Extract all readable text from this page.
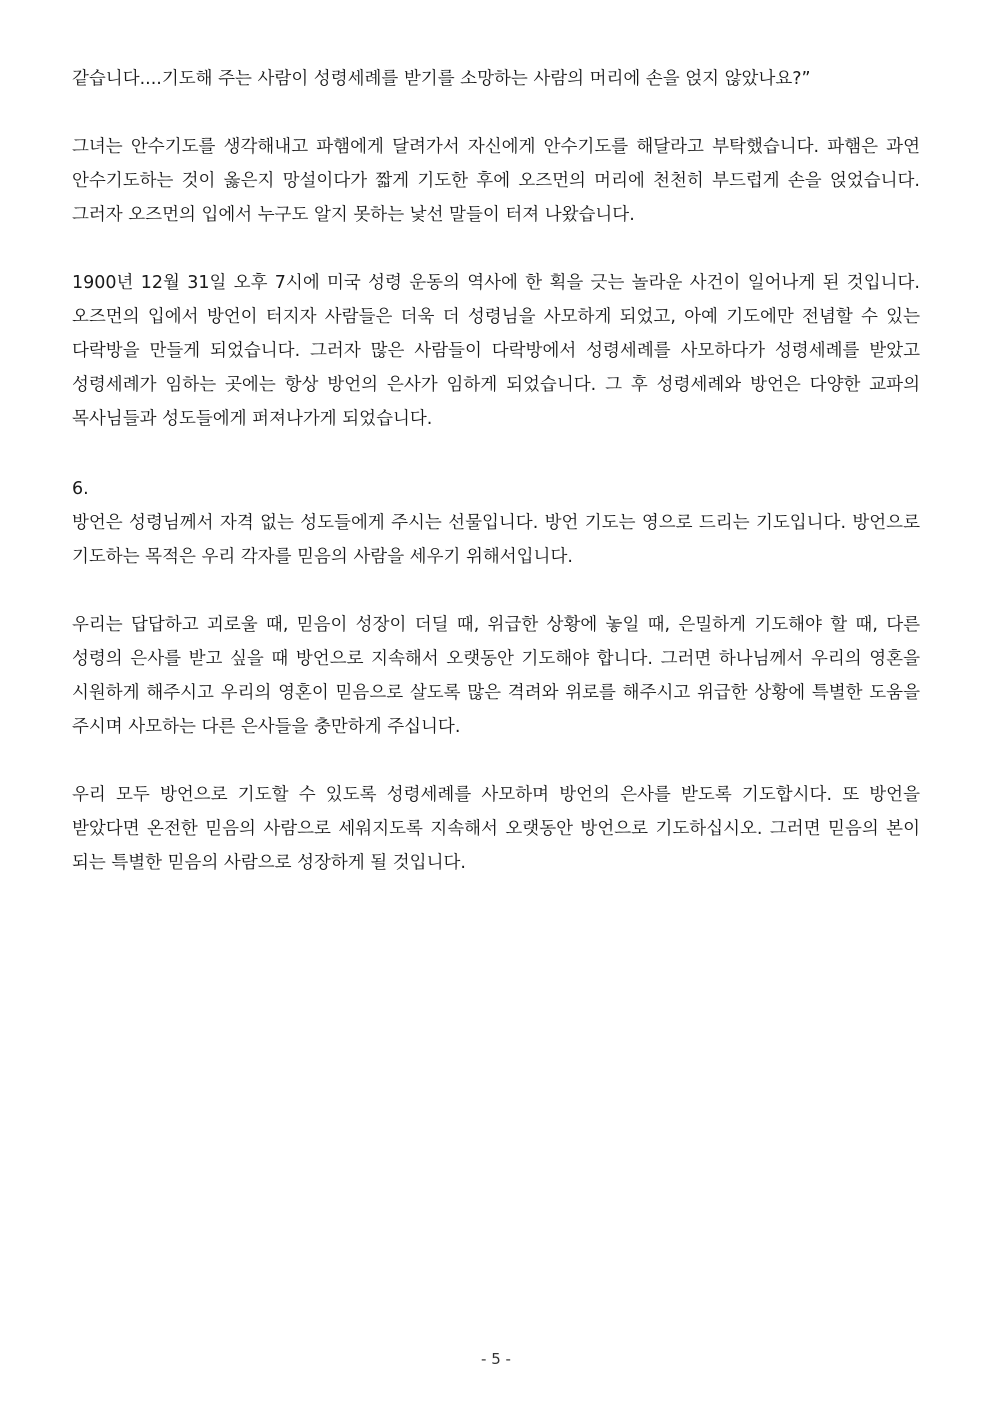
같습니다....기도해 주는 사람이 성령세례를 받기를 소망하는 사람의 머리에 손을 얹지 않았나요?”

그녀는 안수기도를 생각해내고 파햄에게 달려가서 자신에게 안수기도를 해달라고 부탁했습니다. 파햄은 과연 안수기도하는 것이 옳은지 망설이다가 짧게 기도한 후에 오즈먼의 머리에 천천히 부드럽게 손을 얹었습니다. 그러자 오즈먼의 입에서 누구도 알지 못하는 낯선 말들이 터져 나왔습니다.

1900년 12월 31일 오후 7시에 미국 성령 운동의 역사에 한 획을 긋는 놀라운 사건이 일어나게 된 것입니다. 오즈먼의 입에서 방언이 터지자 사람들은 더욱 더 성령님을 사모하게 되었고, 아예 기도에만 전념할 수 있는 다락방을 만들게 되었습니다. 그러자 많은 사람들이 다락방에서 성령세례를 사모하다가 성령세례를 받았고 성령세례가 임하는 곳에는 항상 방언의 은사가 임하게 되었습니다. 그 후 성령세례와 방언은 다양한 교파의 목사님들과 성도들에게 퍼져나가게 되었습니다.

6.

방언은 성령님께서 자격 없는 성도들에게 주시는 선물입니다. 방언 기도는 영으로 드리는 기도입니다. 방언으로 기도하는 목적은 우리 각자를 믿음의 사람을 세우기 위해서입니다.

우리는 답답하고 괴로울 때, 믿음이 성장이 더딜 때, 위급한 상황에 놓일 때, 은밀하게 기도해야 할 때, 다른 성령의 은사를 받고 싶을 때 방언으로 지속해서 오랫동안 기도해야 합니다. 그러면 하나님께서 우리의 영혼을 시원하게 해주시고 우리의 영혼이 믿음으로 살도록 많은 격려와 위로를 해주시고 위급한 상황에 특별한 도움을 주시며 사모하는 다른 은사들을 충만하게 주십니다.

우리 모두 방언으로 기도할 수 있도록 성령세례를 사모하며 방언의 은사를 받도록 기도합시다. 또 방언을 받았다면 온전한 믿음의 사람으로 세워지도록 지속해서 오랫동안 방언으로 기도하십시오. 그러면 믿음의 본이 되는 특별한 믿음의 사람으로 성장하게 될 것입니다.

- 5 -
